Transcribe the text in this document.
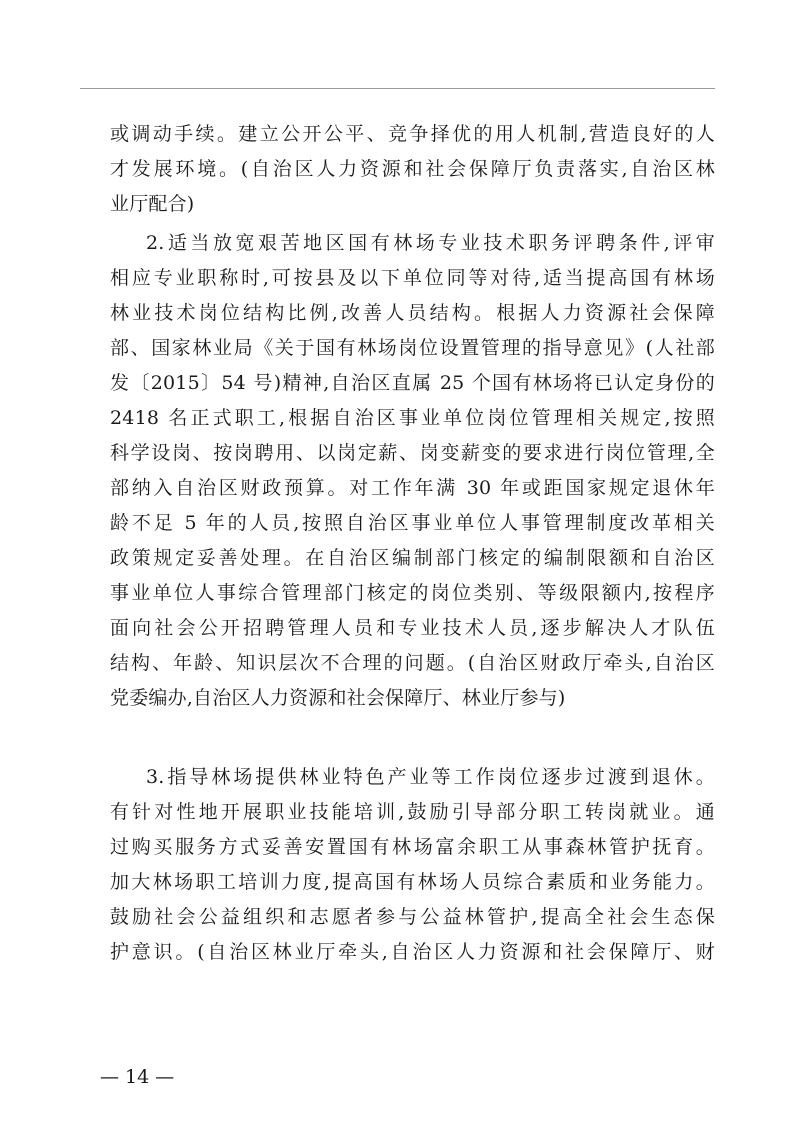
或调动手续。建立公开公平、竞争择优的用人机制,营造良好的人
才发展环境。(自治区人力资源和社会保障厅负责落实,自治区林
业厅配合)
2.适当放宽艰苦地区国有林场专业技术职务评聘条件,评审
相应专业职称时,可按县及以下单位同等对待,适当提高国有林场
林业技术岗位结构比例,改善人员结构。根据人力资源社会保障
部、国家林业局《关于国有林场岗位设置管理的指导意见》(人社部
发〔2015〕54 号)精神,自治区直属 25 个国有林场将已认定身份的
2418 名正式职工,根据自治区事业单位岗位管理相关规定,按照
科学设岗、按岗聘用、以岗定薪、岗变薪变的要求进行岗位管理,全
部纳入自治区财政预算。对工作年满 30 年或距国家规定退休年
龄不足 5 年的人员,按照自治区事业单位人事管理制度改革相关
政策规定妥善处理。在自治区编制部门核定的编制限额和自治区
事业单位人事综合管理部门核定的岗位类别、等级限额内,按程序
面向社会公开招聘管理人员和专业技术人员,逐步解决人才队伍
结构、年龄、知识层次不合理的问题。(自治区财政厅牵头,自治区
党委编办,自治区人力资源和社会保障厅、林业厅参与)
3.指导林场提供林业特色产业等工作岗位逐步过渡到退休。
有针对性地开展职业技能培训,鼓励引导部分职工转岗就业。通
过购买服务方式妥善安置国有林场富余职工从事森林管护抚育。
加大林场职工培训力度,提高国有林场人员综合素质和业务能力。
鼓励社会公益组织和志愿者参与公益林管护,提高全社会生态保
护意识。(自治区林业厅牵头,自治区人力资源和社会保障厅、财
— 14 —
